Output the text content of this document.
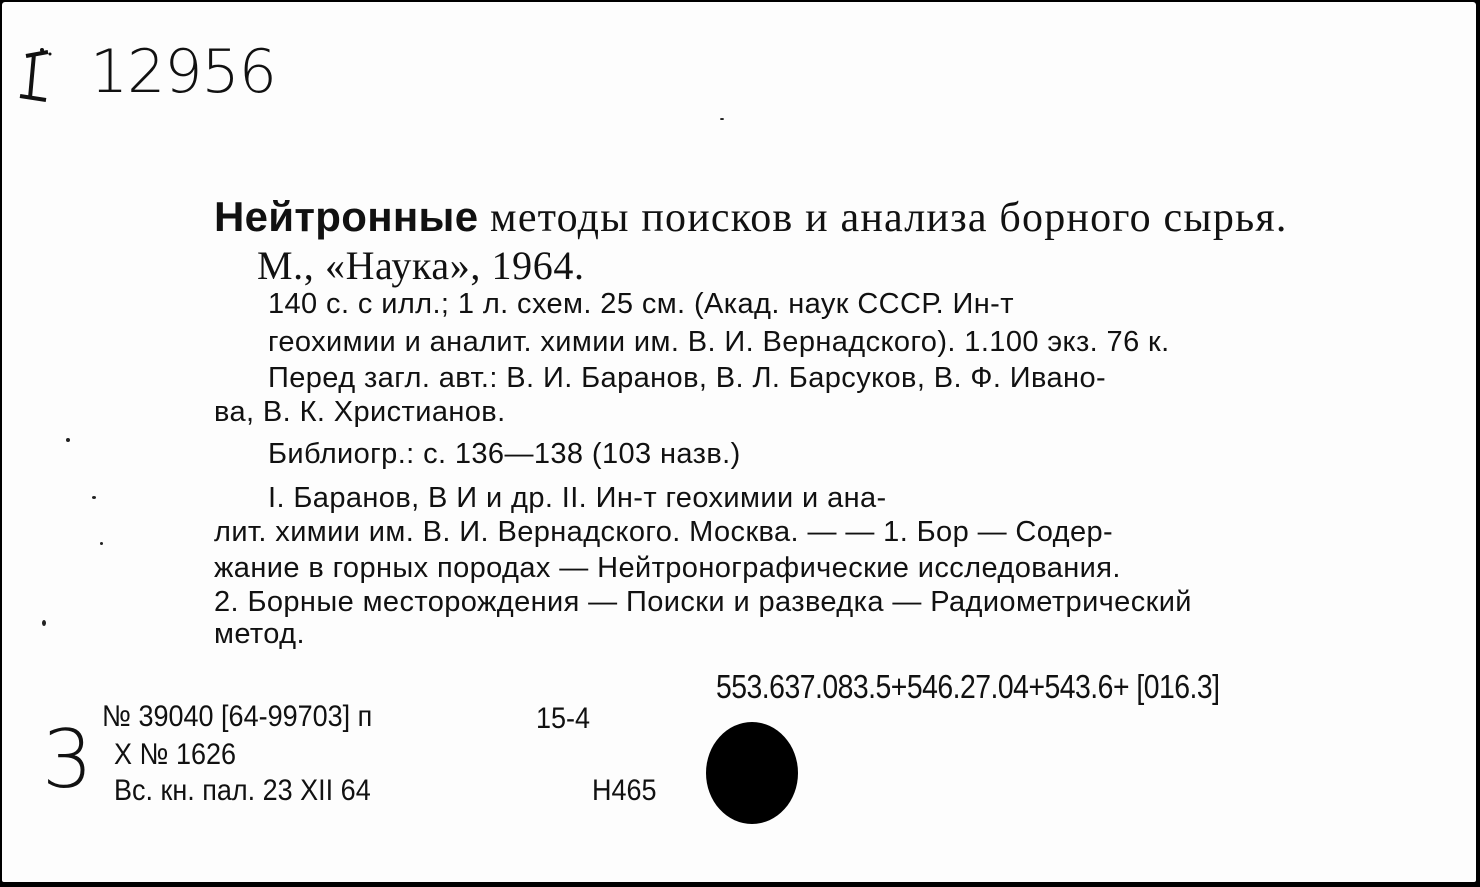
12956
Нейтронные методы поисков и анализа борного сырья.
М., «Наука», 1964.
140 с. с илл.; 1 л. схем. 25 см. (Акад. наук СССР. Ин-т
геохимии и аналит. химии им. В. И. Вернадского). 1.100 экз. 76 к.
Перед загл. авт.: В. И. Баранов, В. Л. Барсуков, В. Ф. Ивано-
ва, В. К. Христианов.
Библиогр.: с. 136—138 (103 назв.)
I. Баранов, В И и др. II. Ин-т геохимии и ана-
лит. химии им. В. И. Вернадского. Москва. — — 1. Бор — Содер-
жание в горных породах — Нейтронографические исследования.
2. Борные месторождения — Поиски и разведка — Радиометрический
метод.
553.637.083.5+546.27.04+543.6+ [016.3]
№ 39040 [64-99703] п	15-4
3 Х № 1626
Вс. кн. пал. 23 XII 64	Н465
